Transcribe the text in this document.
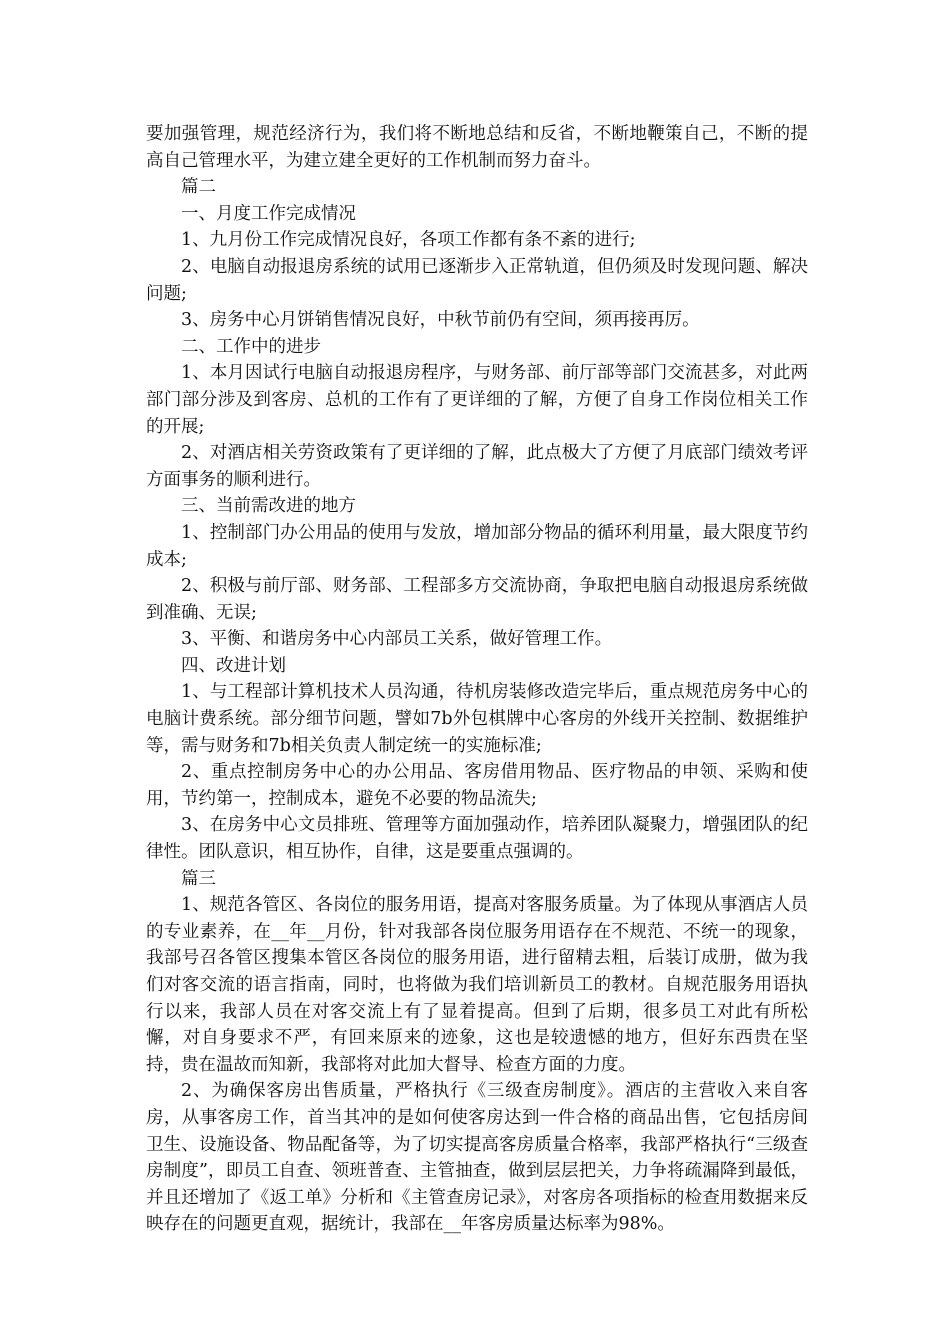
要加强管理，规范经济行为，我们将不断地总结和反省，不断地鞭策自己，不断的提高自己管理水平，为建立建全更好的工作机制而努力奋斗。

篇二

一、月度工作完成情况

1、九月份工作完成情况良好，各项工作都有条不紊的进行;

2、电脑自动报退房系统的试用已逐渐步入正常轨道，但仍须及时发现问题、解决问题;

3、房务中心月饼销售情况良好，中秋节前仍有空间，须再接再厉。

二、工作中的进步

1、本月因试行电脑自动报退房程序，与财务部、前厅部等部门交流甚多，对此两部门部分涉及到客房、总机的工作有了更详细的了解，方便了自身工作岗位相关工作的开展;

2、对酒店相关劳资政策有了更详细的了解，此点极大了方便了月底部门绩效考评方面事务的顺利进行。

三、当前需改进的地方

1、控制部门办公用品的使用与发放，增加部分物品的循环利用量，最大限度节约成本;

2、积极与前厅部、财务部、工程部多方交流协商，争取把电脑自动报退房系统做到准确、无误;

3、平衡、和谐房务中心内部员工关系，做好管理工作。

四、改进计划

1、与工程部计算机技术人员沟通，待机房装修改造完毕后，重点规范房务中心的电脑计费系统。部分细节问题，譬如7b外包棋牌中心客房的外线开关控制、数据维护等，需与财务和7b相关负责人制定统一的实施标准;

2、重点控制房务中心的办公用品、客房借用物品、医疗物品的申领、采购和使用，节约第一，控制成本，避免不必要的物品流失;

3、在房务中心文员排班、管理等方面加强动作，培养团队凝聚力，增强团队的纪律性。团队意识，相互协作，自律，这是要重点强调的。

篇三

1、规范各管区、各岗位的服务用语，提高对客服务质量。为了体现从事酒店人员的专业素养，在__年__月份，针对我部各岗位服务用语存在不规范、不统一的现象，我部号召各管区搜集本管区各岗位的服务用语，进行留精去粗，后装订成册，做为我们对客交流的语言指南，同时，也将做为我们培训新员工的教材。自规范服务用语执行以来，我部人员在对客交流上有了显着提高。但到了后期，很多员工对此有所松懈，对自身要求不严，有回来原来的迹象，这也是较遗憾的地方，但好东西贵在坚持，贵在温故而知新，我部将对此加大督导、检查方面的力度。

2、为确保客房出售质量，严格执行《三级查房制度》。酒店的主营收入来自客房，从事客房工作，首当其冲的是如何使客房达到一件合格的商品出售，它包括房间卫生、设施设备、物品配备等，为了切实提高客房质量合格率，我部严格执行“三级查房制度”，即员工自查、领班普查、主管抽查，做到层层把关，力争将疏漏降到最低，并且还增加了《返工单》分析和《主管查房记录》，对客房各项指标的检查用数据来反映存在的问题更直观，据统计，我部在__年客房质量达标率为98%。
